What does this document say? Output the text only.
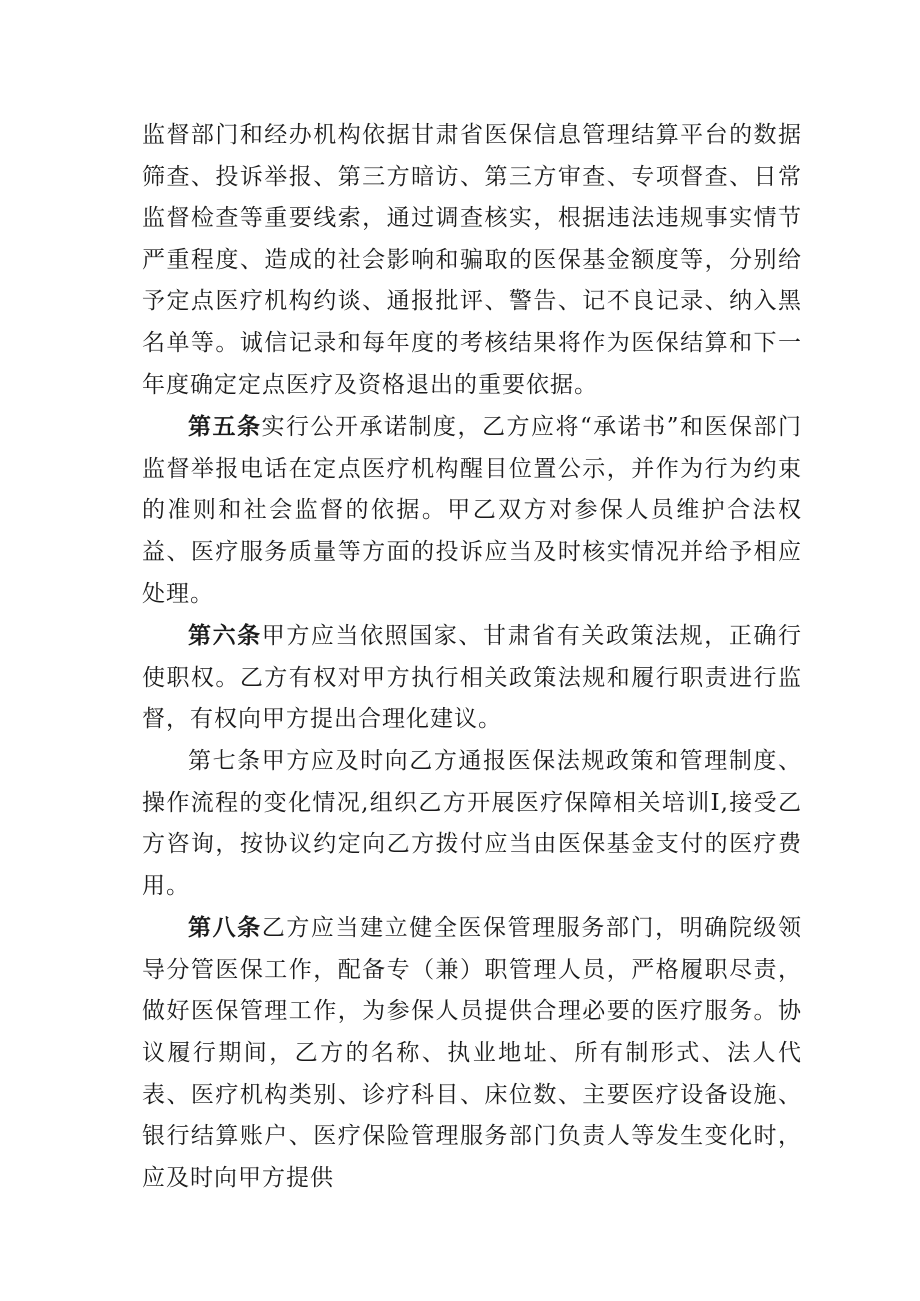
监督部门和经办机构依据甘肃省医保信息管理结算平台的数据筛查、投诉举报、第三方暗访、第三方审查、专项督查、日常监督检查等重要线索，通过调查核实，根据违法违规事实情节严重程度、造成的社会影响和骗取的医保基金额度等，分别给予定点医疗机构约谈、通报批评、警告、记不良记录、纳入黑名单等。诚信记录和每年度的考核结果将作为医保结算和下一年度确定定点医疗及资格退出的重要依据。

第五条实行公开承诺制度，乙方应将“承诺书”和医保部门监督举报电话在定点医疗机构醒目位置公示，并作为行为约束的准则和社会监督的依据。甲乙双方对参保人员维护合法权益、医疗服务质量等方面的投诉应当及时核实情况并给予相应处理。

第六条甲方应当依照国家、甘肃省有关政策法规，正确行使职权。乙方有权对甲方执行相关政策法规和履行职责进行监督，有权向甲方提出合理化建议。

第七条甲方应及时向乙方通报医保法规政策和管理制度、操作流程的变化情况,组织乙方开展医疗保障相关培训I,接受乙方咨询，按协议约定向乙方拨付应当由医保基金支付的医疗费用。

第八条乙方应当建立健全医保管理服务部门，明确院级领导分管医保工作，配备专（兼）职管理人员，严格履职尽责，做好医保管理工作，为参保人员提供合理必要的医疗服务。协议履行期间，乙方的名称、执业地址、所有制形式、法人代表、医疗机构类别、诊疗科目、床位数、主要医疗设备设施、银行结算账户、医疗保险管理服务部门负责人等发生变化时，应及时向甲方提供
